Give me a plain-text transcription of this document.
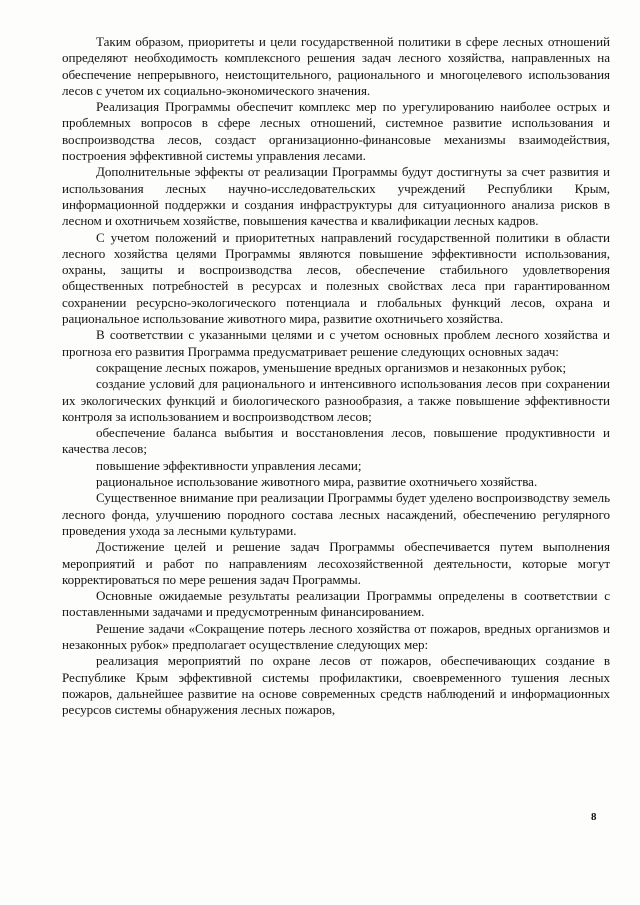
Таким образом, приоритеты и цели государственной политики в сфере лесных отношений определяют необходимость комплексного решения задач лесного хозяйства, направленных на обеспечение непрерывного, неистощительного, рационального и многоцелевого использования лесов с учетом их социально-экономического значения.

Реализация Программы обеспечит комплекс мер по урегулированию наиболее острых и проблемных вопросов в сфере лесных отношений, системное развитие использования и воспроизводства лесов, создаст организационно-финансовые механизмы взаимодействия, построения эффективной системы управления лесами.

Дополнительные эффекты от реализации Программы будут достигнуты за счет развития и использования лесных научно-исследовательских учреждений Республики Крым, информационной поддержки и создания инфраструктуры для ситуационного анализа рисков в лесном и охотничьем хозяйстве, повышения качества и квалификации лесных кадров.

С учетом положений и приоритетных направлений государственной политики в области лесного хозяйства целями Программы являются повышение эффективности использования, охраны, защиты и воспроизводства лесов, обеспечение стабильного удовлетворения общественных потребностей в ресурсах и полезных свойствах леса при гарантированном сохранении ресурсно-экологического потенциала и глобальных функций лесов, охрана и рациональное использование животного мира, развитие охотничьего хозяйства.

В соответствии с указанными целями и с учетом основных проблем лесного хозяйства и прогноза его развития Программа предусматривает решение следующих основных задач:

сокращение лесных пожаров, уменьшение вредных организмов и незаконных рубок;

создание условий для рационального и интенсивного использования лесов при сохранении их экологических функций и биологического разнообразия, а также повышение эффективности контроля за использованием и воспроизводством лесов;

обеспечение баланса выбытия и восстановления лесов, повышение продуктивности и качества лесов;

повышение эффективности управления лесами;

рациональное использование животного мира, развитие охотничьего хозяйства.

Существенное внимание при реализации Программы будет уделено воспроизводству земель лесного фонда, улучшению породного состава лесных насаждений, обеспечению регулярного проведения ухода за лесными культурами.

Достижение целей и решение задач Программы обеспечивается путем выполнения мероприятий и работ по направлениям лесохозяйственной деятельности, которые могут корректироваться по мере решения задач Программы.

Основные ожидаемые результаты реализации Программы определены в соответствии с поставленными задачами и предусмотренным финансированием.

Решение задачи «Сокращение потерь лесного хозяйства от пожаров, вредных организмов и незаконных рубок» предполагает осуществление следующих мер:

реализация мероприятий по охране лесов от пожаров, обеспечивающих создание в Республике Крым эффективной системы профилактики, своевременного тушения лесных пожаров, дальнейшее развитие на основе современных средств наблюдений и информационных ресурсов системы обнаружения лесных пожаров,

8
